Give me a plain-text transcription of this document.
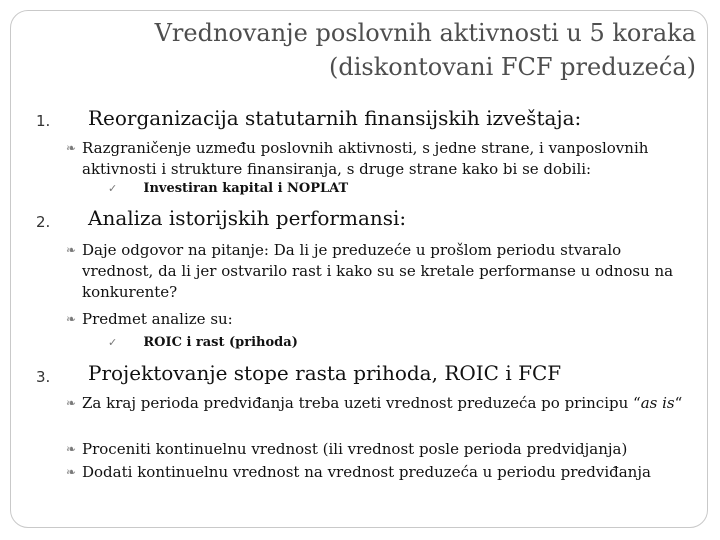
Vrednovanje poslovnih aktivnosti u 5 koraka
(diskontovani FCF preduzeća)
1. Reorganizacija statutarnih finansijskih izveštaja:
❧ Razgraničenje uzmeđu poslovnih aktivnosti, s jedne strane, i vanposlovnih aktivnosti i strukture finansiranja, s druge strane kako bi se dobili:
✓ Investiran kapital i NOPLAT
2. Analiza istorijskih performansi:
❧ Daje odgovor na pitanje: Da li je preduzeće u prošlom periodu stvaralo vrednost, da li jer ostvarilo rast i kako su se kretale performanse u odnosu na konkurente?
❧ Predmet analize su:
✓ ROIC i rast (prihoda)
3. Projektovanje stope rasta prihoda, ROIC i FCF
❧ Za kraj perioda predviđanja treba uzeti vrednost preduzeća po principu “as is“
❧ Proceniti kontinuelnu vrednost (ili vrednost posle perioda predvidjanja)
❧ Dodati kontinuelnu vrednost na vrednost preduzeća u periodu predviđanja
